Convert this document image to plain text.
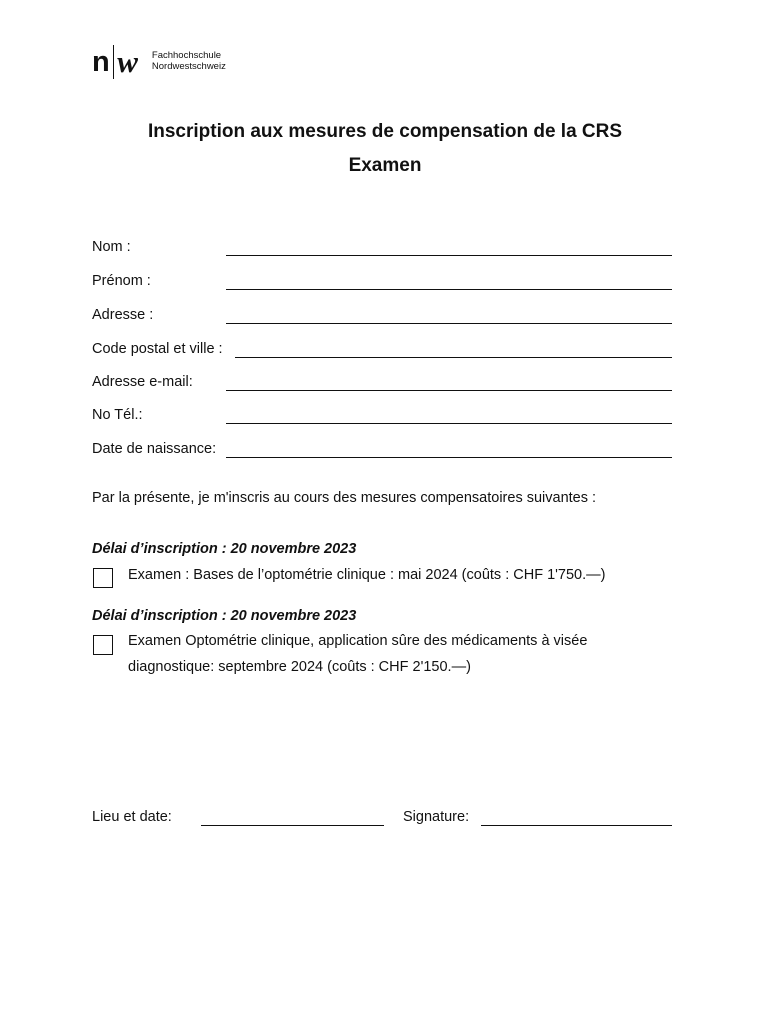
n w Fachhochschule
Nordwestschweiz
Inscription aux mesures de compensation de la CRS
Examen
Nom :
Prénom :
Adresse :
Code postal et ville :
Adresse e-mail:
No Tél.:
Date de naissance:
Par la présente, je m'inscris au cours des mesures compensatoires suivantes :
Délai d’inscription : 20 novembre 2023
Examen : Bases de l’optométrie clinique : mai 2024 (coûts : CHF 1'750.—)
Délai d’inscription : 20 novembre 2023
Examen Optométrie clinique, application sûre des médicaments à visée
diagnostique: septembre 2024 (coûts : CHF 2'150.—)
Lieu et date:	Signature:
